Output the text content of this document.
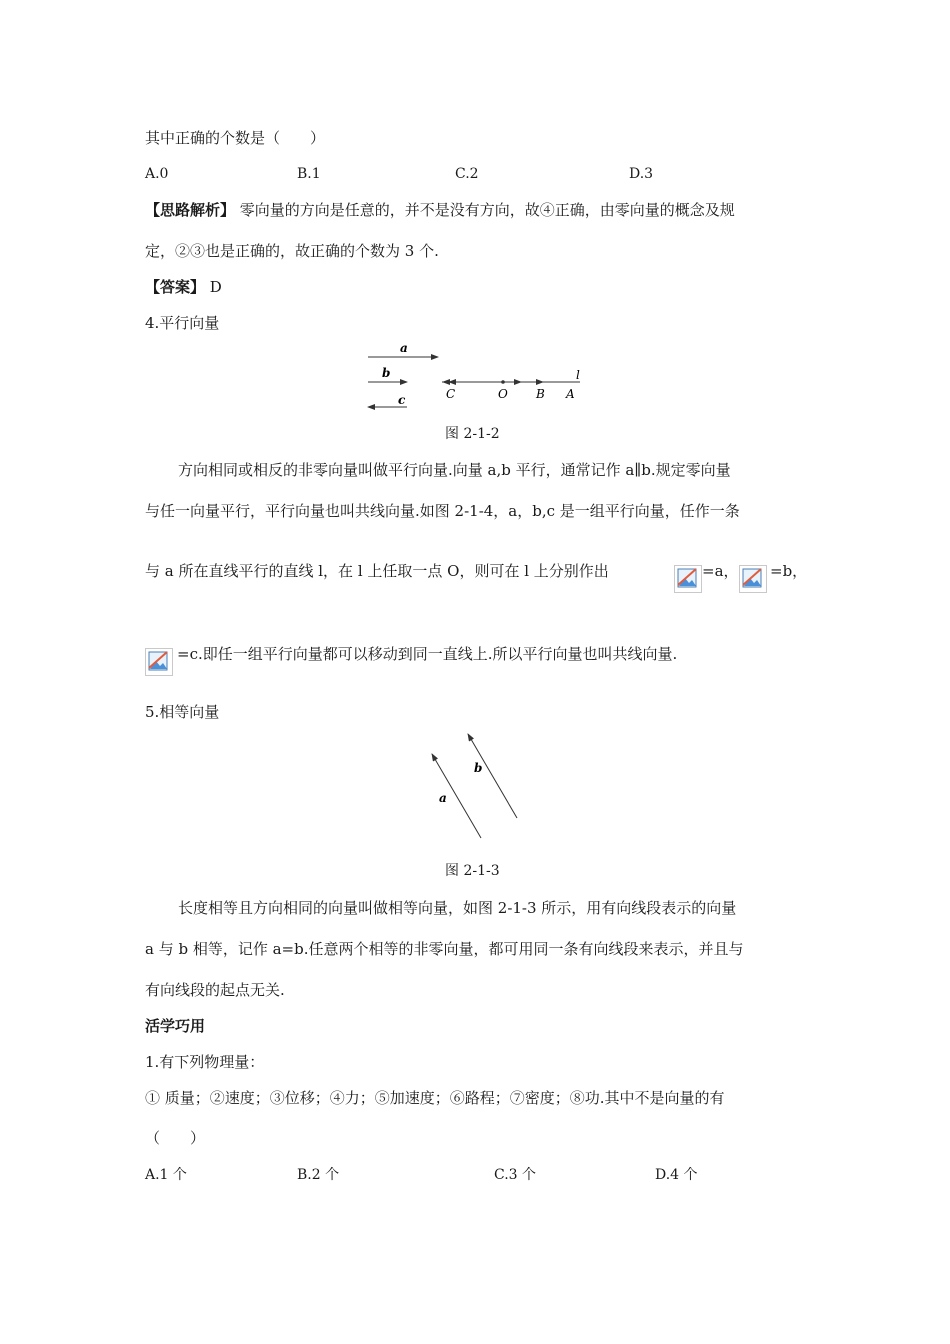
其中正确的个数是（　　）
A.0	B.1	C.2	D.3
【思路解析】 零向量的方向是任意的，并不是没有方向，故④正确，由零向量的概念及规
定，②③也是正确的，故正确的个数为 3 个.
【答案】 D
4.平行向量
a
b
c
l
C	O B A
图 2-1-2
方向相同或相反的非零向量叫做平行向量.向量 a,b 平行，通常记作 a∥b.规定零向量
与任一向量平行，平行向量也叫共线向量.如图 2-1-4，a，b,c 是一组平行向量，任作一条
与 a 所在直线平行的直线 l，在 l 上任取一点 O，则可在 l 上分别作出	=a， =b，
=c.即任一组平行向量都可以移动到同一直线上.所以平行向量也叫共线向量.
5.相等向量
a
b
图 2-1-3
长度相等且方向相同的向量叫做相等向量，如图 2-1-3 所示，用有向线段表示的向量
a 与 b 相等，记作 a=b.任意两个相等的非零向量，都可用同一条有向线段来表示，并且与
有向线段的起点无关.
活学巧用
1.有下列物理量：
① 质量；②速度；③位移；④力；⑤加速度；⑥路程；⑦密度；⑧功.其中不是向量的有
（　　）
A.1 个	B.2 个	C.3 个	D.4 个
